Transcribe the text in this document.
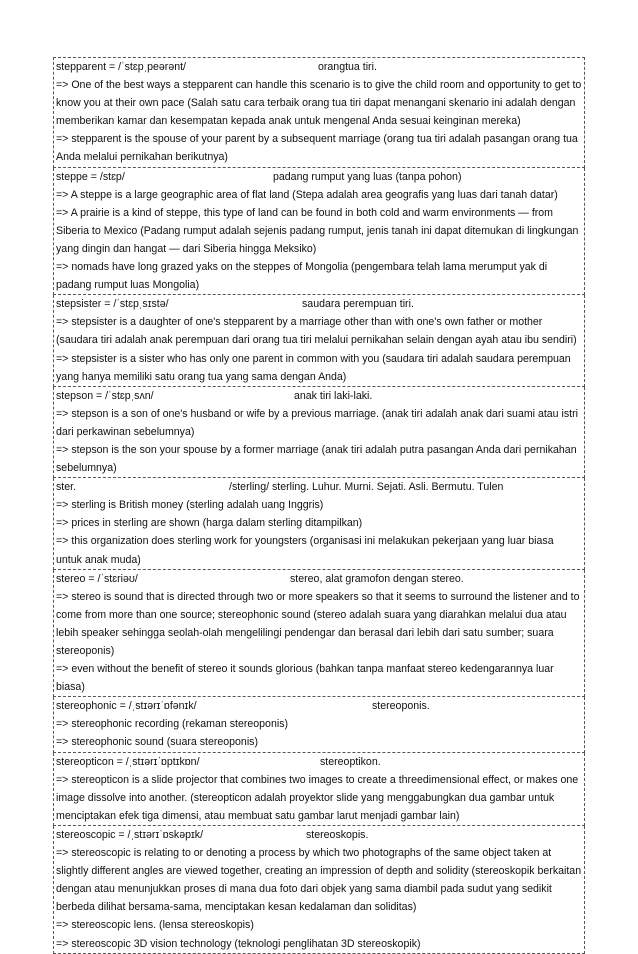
stepparent = /ˈstɛpˌpeərənt/	orangtua tiri.
=> One of the best ways a stepparent can handle this scenario is to give the child room and opportunity to get to know you at their own pace (Salah satu cara terbaik orang tua tiri dapat menangani skenario ini adalah dengan memberikan kamar dan kesempatan kepada anak untuk mengenal Anda sesuai keinginan mereka)
=> stepparent is the spouse of your parent by a subsequent marriage (orang tua tiri adalah pasangan orang tua Anda melalui pernikahan berikutnya)
steppe = /stɛp/	padang rumput yang luas (tanpa pohon)
=> A steppe is a large geographic area of flat land (Stepa adalah area geografis yang luas dari tanah datar)
=> A prairie is a kind of steppe, this type of land can be found in both cold and warm environments — from Siberia to Mexico (Padang rumput adalah sejenis padang rumput, jenis tanah ini dapat ditemukan di lingkungan yang dingin dan hangat — dari Siberia hingga Meksiko)
=> nomads have long grazed yaks on the steppes of Mongolia (pengembara telah lama merumput yak di padang rumput luas Mongolia)
stepsister = /ˈstɛpˌsɪstə/	saudara perempuan tiri.
=> stepsister is a daughter of one's stepparent by a marriage other than with one's own father or mother (saudara tiri adalah anak perempuan dari orang tua tiri melalui pernikahan selain dengan ayah atau ibu sendiri)
=> stepsister is a sister who has only one parent in common with you (saudara tiri adalah saudara perempuan yang hanya memiliki satu orang tua yang sama dengan Anda)
stepson = /ˈstɛpˌsʌn/	anak tiri laki-laki.
=> stepson is a son of one's husband or wife by a previous marriage. (anak tiri adalah anak dari suami atau istri dari perkawinan sebelumnya)
=> stepson is the son your spouse by a former marriage (anak tiri adalah putra pasangan Anda dari pernikahan sebelumnya)
ster.	/sterling/ sterling. Luhur. Murni. Sejati. Asli. Bermutu. Tulen
=> sterling is British money (sterling adalah uang Inggris)
=> prices in sterling are shown (harga dalam sterling ditampilkan)
=> this organization does sterling work for youngsters (organisasi ini melakukan pekerjaan yang luar biasa untuk anak muda)
stereo = /ˈstɛriəʊ/	stereo, alat gramofon dengan stereo.
=> stereo is sound that is directed through two or more speakers so that it seems to surround the listener and to come from more than one source; stereophonic sound (stereo adalah suara yang diarahkan melalui dua atau lebih speaker sehingga seolah-olah mengelilingi pendengar dan berasal dari lebih dari satu sumber; suara stereoponis)
=> even without the benefit of stereo it sounds glorious (bahkan tanpa manfaat stereo kedengarannya luar biasa)
stereophonic = /ˌstɪərɪˈɒfənɪk/	stereoponis.
=> stereophonic recording (rekaman stereoponis)
=> stereophonic sound (suara stereoponis)
stereopticon = /ˌstɪərɪˈɒptɪkɒn/	stereoptikon.
=> stereopticon is a slide projector that combines two images to create a threedimensional effect, or makes one image dissolve into another. (stereopticon adalah proyektor slide yang menggabungkan dua gambar untuk menciptakan efek tiga dimensi, atau membuat satu gambar larut menjadi gambar lain)
stereoscopic = /ˌstɪərɪˈɒskəpɪk/	stereoskopis.
=> stereoscopic is relating to or denoting a process by which two photographs of the same object taken at slightly different angles are viewed together, creating an impression of depth and solidity (stereoskopik berkaitan dengan atau menunjukkan proses di mana dua foto dari objek yang sama diambil pada sudut yang sedikit berbeda dilihat bersama-sama, menciptakan kesan kedalaman dan soliditas)
=> stereoscopic lens. (lensa stereoskopis)
=> stereoscopic 3D vision technology (teknologi penglihatan 3D stereoskopik)
